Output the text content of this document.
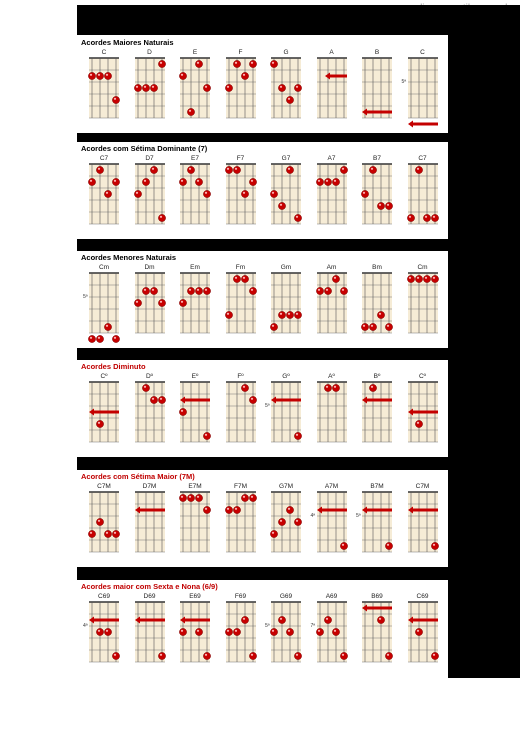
Acordes Maiores Naturais
C	D	E	F	G	A	B	C
5ª
Acordes com Sétima Dominante (7)
C7	D7	E7	F7	G7	A7	B7	C7
Acordes Menores Naturais
Cm
5ª
Dm	Em	Fm	Gm	Am	Bm	Cm
Acordes Diminuto
Cº	Dº	Eº	Fº	Gº
5ª
Aº	Bº	Cº
Acordes com Sétima Maior (7M)
C7M	D7M	E7M	F7M	G7M	A7M
4ª
B7M
5ª
C7M
Acordes maior com Sexta e Nona (6/9)
C69
4ª
D69	E69	F69	G69
5ª
A69
7ª
B69	C69
